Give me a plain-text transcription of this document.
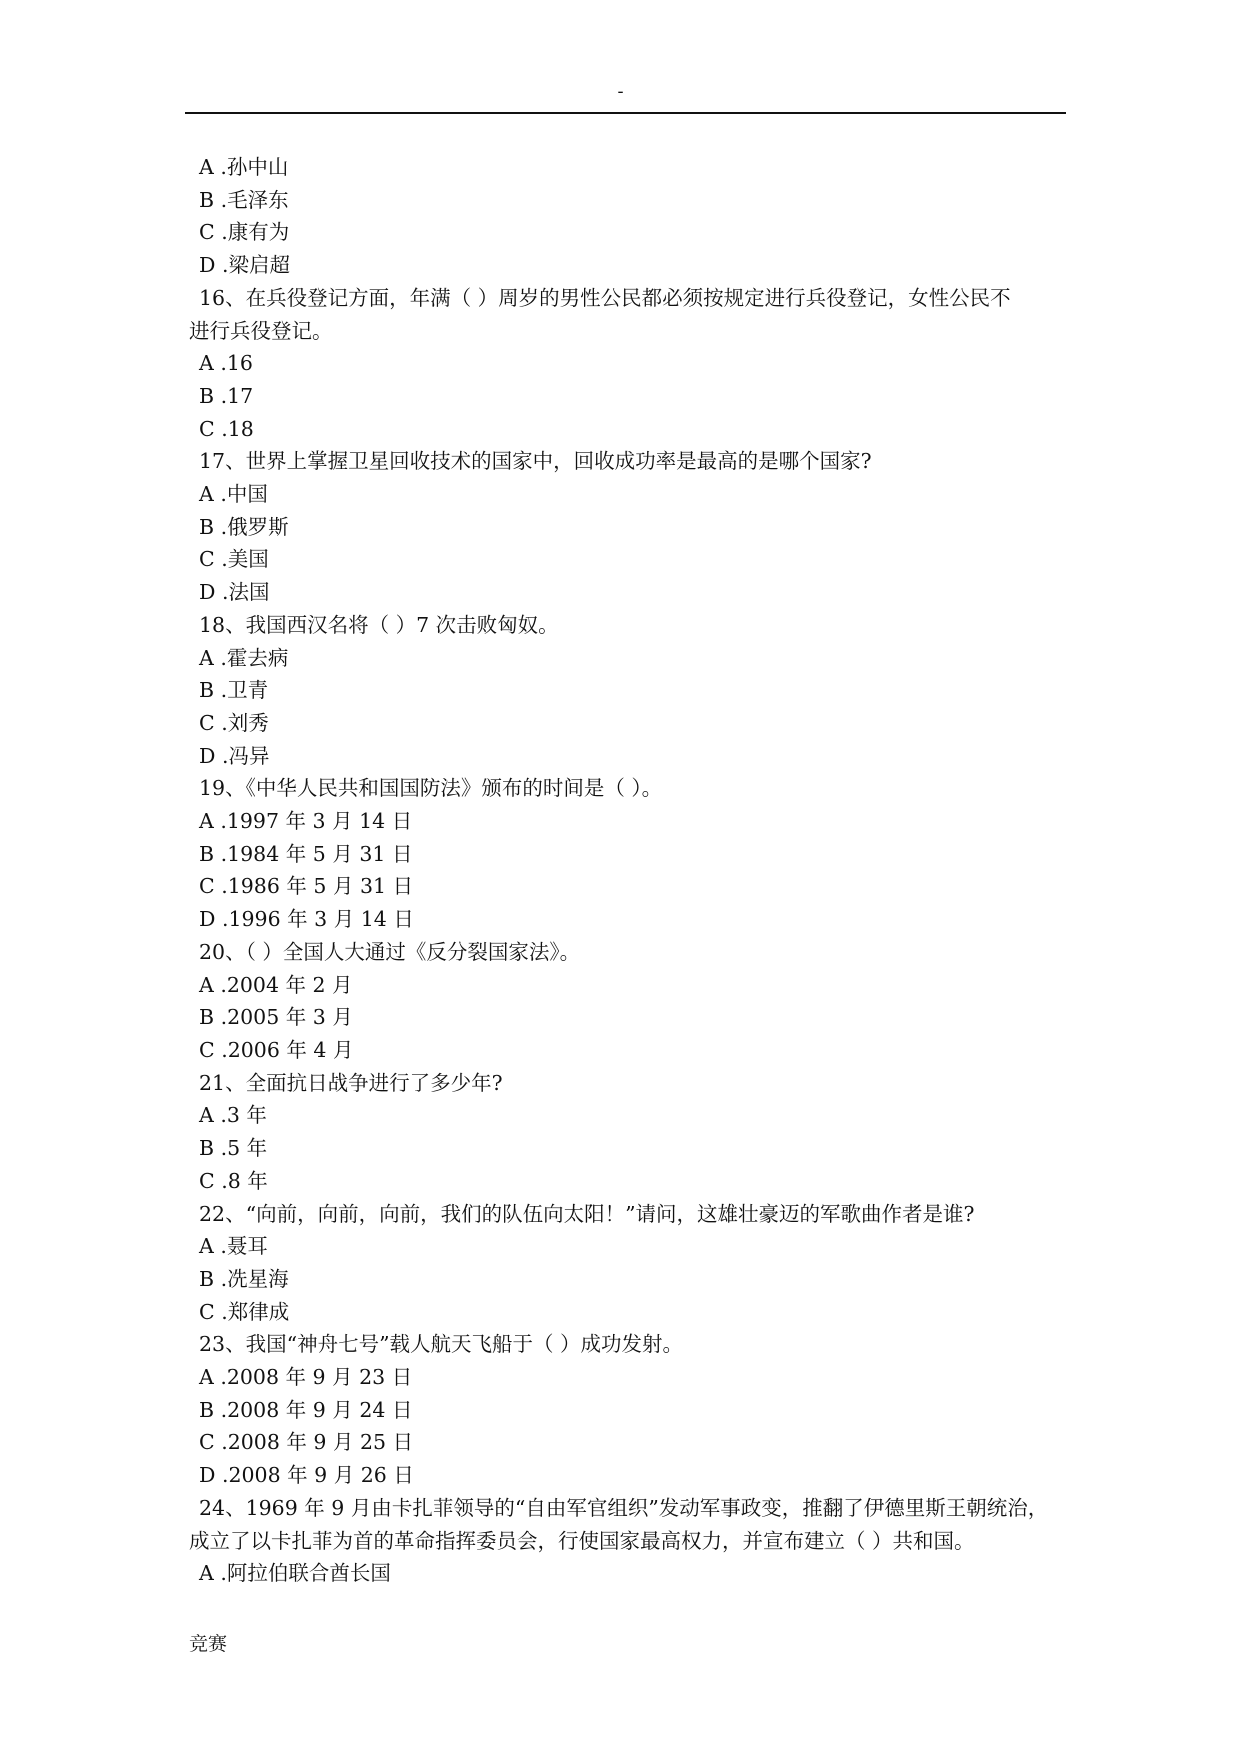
-
A .孙中山
B .毛泽东
C .康有为
D .梁启超
16、在兵役登记方面，年满（ ）周岁的男性公民都必须按规定进行兵役登记，女性公民不
进行兵役登记。
A .16
B .17
C .18
17、世界上掌握卫星回收技术的国家中，回收成功率是最高的是哪个国家?
A .中国
B .俄罗斯
C .美国
D .法国
18、我国西汉名将（ ）7 次击败匈奴。
A .霍去病
B .卫青
C .刘秀
D .冯异
19、《中华人民共和国国防法》颁布的时间是（ ）。
A .1997 年 3 月 14 日
B .1984 年 5 月 31 日
C .1986 年 5 月 31 日
D .1996 年 3 月 14 日
20、（ ）全国人大通过《反分裂国家法》。
A .2004 年 2 月
B .2005 年 3 月
C .2006 年 4 月
21、全面抗日战争进行了多少年?
A .3 年
B .5 年
C .8 年
22、“向前，向前，向前，我们的队伍向太阳！”请问，这雄壮豪迈的军歌曲作者是谁?
A .聂耳
B .冼星海
C .郑律成
23、我国“神舟七号”载人航天飞船于（ ）成功发射。
A .2008 年 9 月 23 日
B .2008 年 9 月 24 日
C .2008 年 9 月 25 日
D .2008 年 9 月 26 日
24、1969 年 9 月由卡扎菲领导的“自由军官组织”发动军事政变，推翻了伊德里斯王朝统治，
成立了以卡扎菲为首的革命指挥委员会，行使国家最高权力，并宣布建立（ ）共和国。
A .阿拉伯联合酋长国
竞赛
